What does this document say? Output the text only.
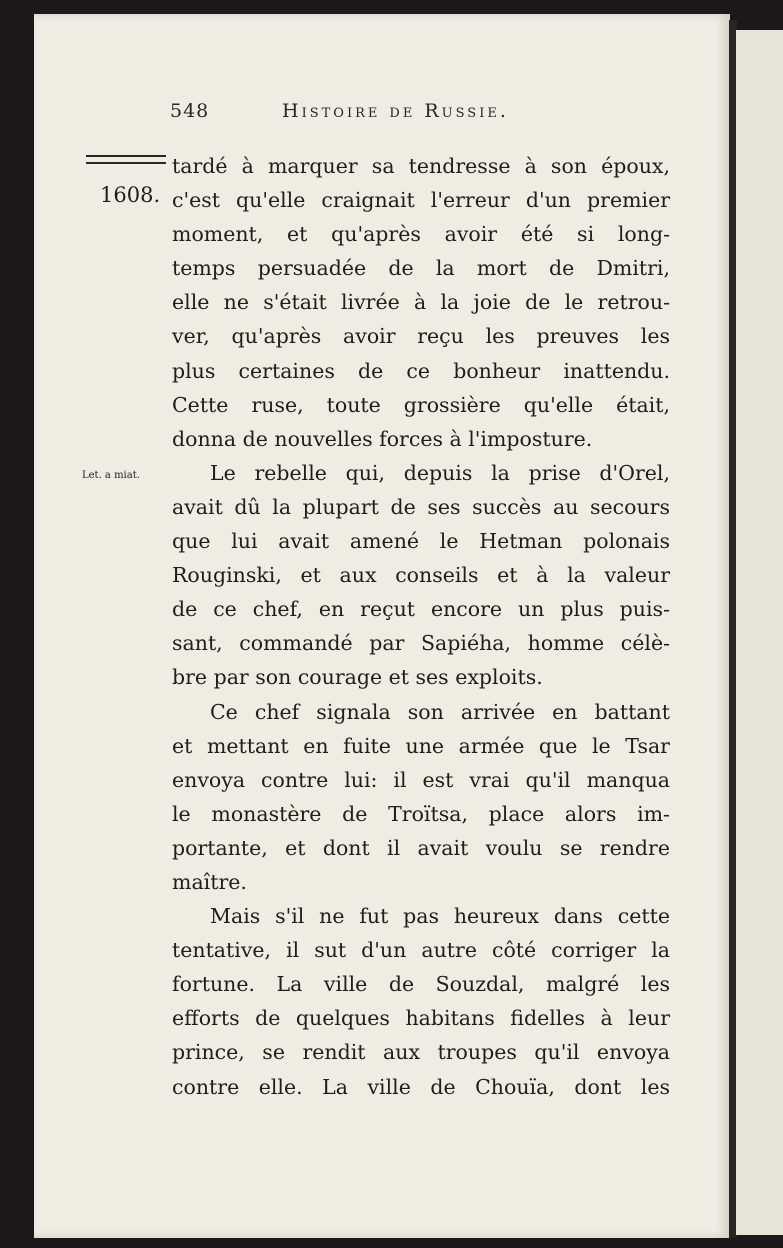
548	Histoire de Russie.
1608.
Let. a miat.
tardé à marquer sa tendresse à son époux,
c'est qu'elle craignait l'erreur d'un premier
moment, et qu'après avoir été si long-
temps persuadée de la mort de Dmitri,
elle ne s'était livrée à la joie de le retrou-
ver, qu'après avoir reçu les preuves les
plus certaines de ce bonheur inattendu.
Cette ruse, toute grossière qu'elle était,
donna de nouvelles forces à l'imposture.
Le rebelle qui, depuis la prise d'Orel,
avait dû la plupart de ses succès au secours
que lui avait amené le Hetman polonais
Rouginski, et aux conseils et à la valeur
de ce chef, en reçut encore un plus puis-
sant, commandé par Sapiéha, homme célè-
bre par son courage et ses exploits.
Ce chef signala son arrivée en battant
et mettant en fuite une armée que le Tsar
envoya contre lui: il est vrai qu'il manqua
le monastère de Troïtsa, place alors im-
portante, et dont il avait voulu se rendre
maître.
Mais s'il ne fut pas heureux dans cette
tentative, il sut d'un autre côté corriger la
fortune. La ville de Souzdal, malgré les
efforts de quelques habitans fidelles à leur
prince, se rendit aux troupes qu'il envoya
contre elle. La ville de Chouïa, dont les
